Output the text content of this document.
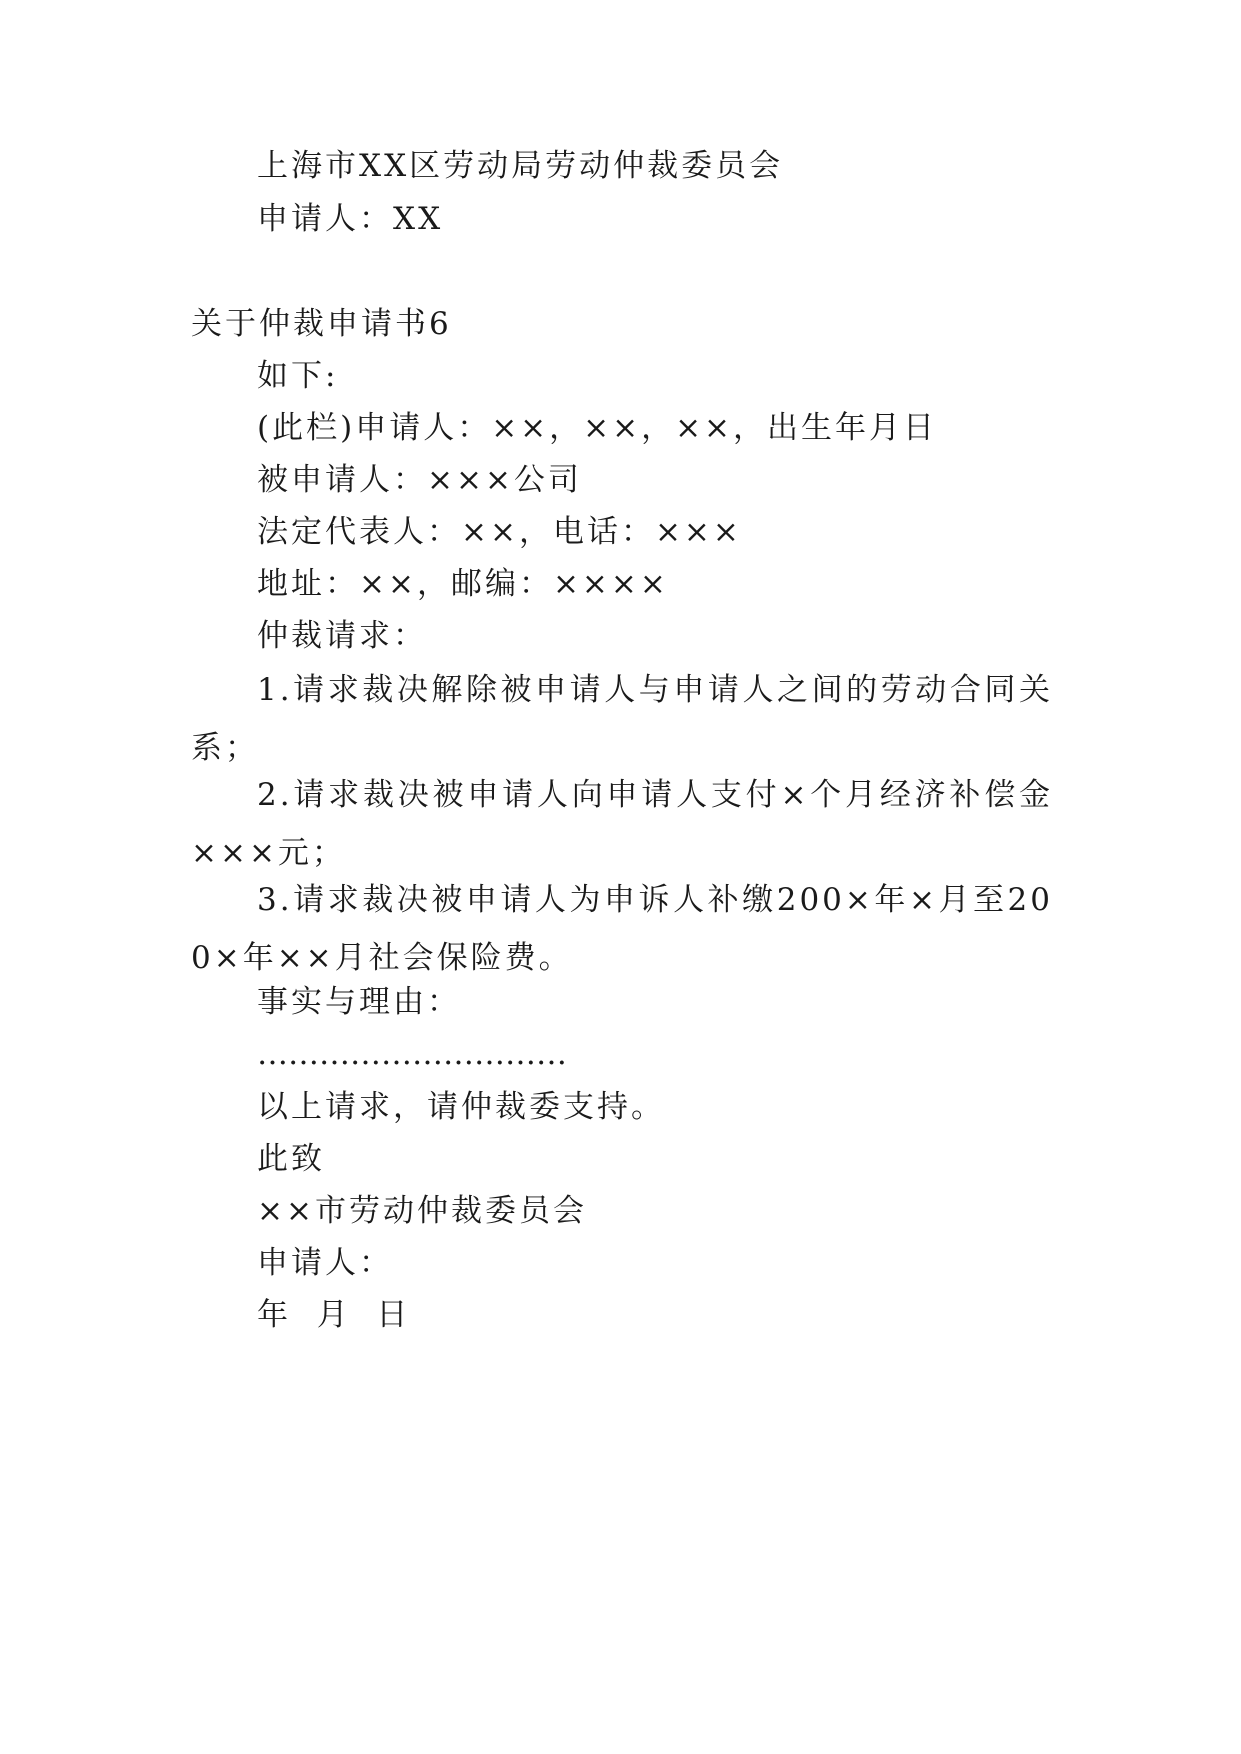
上海市XX区劳动局劳动仲裁委员会
申请人：XX
关于仲裁申请书6
如下:
(此栏)申请人：××，××，××，出生年月日
被申请人：×××公司
法定代表人：××，电话：×××
地址：××，邮编：××××
仲裁请求：
1.请求裁决解除被申请人与申请人之间的劳动合同关系；
2.请求裁决被申请人向申请人支付×个月经济补偿金×××元；
3.请求裁决被申请人为申诉人补缴200×年×月至200×年××月社会保险费。
事实与理由：
…………………………
以上请求，请仲裁委支持。
此致
××市劳动仲裁委员会
申请人：
年  月  日
